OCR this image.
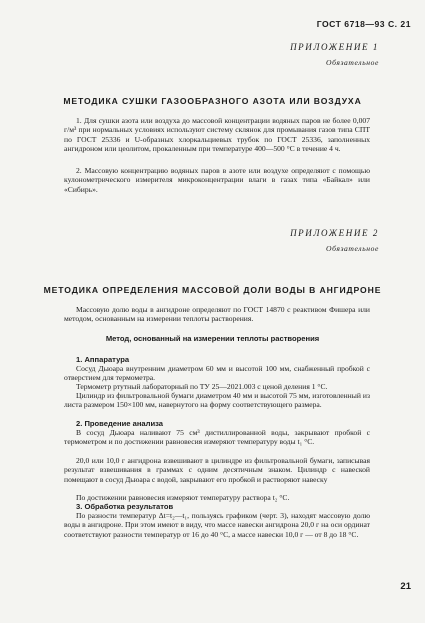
ГОСТ 6718—93 С. 21
ПРИЛОЖЕНИЕ 1
Обязательное
МЕТОДИКА СУШКИ ГАЗООБРАЗНОГО АЗОТА ИЛИ ВОЗДУХА
1. Для сушки азота или воздуха до массовой концентрации водяных паров не более 0,007 г/м³ при нормальных условиях используют систему склянок для промывания газов типа СПТ по ГОСТ 25336 и U-образных хлоркальциевых трубок по ГОСТ 25336, заполненных ангидроном или цеолитом, прокаленным при температуре 400—500 °С в течение 4 ч.
2. Массовую концентрацию водяных паров в азоте или воздухе определяют с помощью кулонометрического измерителя микроконцентрации влаги в газах типа «Байкал» или «Сибирь».
ПРИЛОЖЕНИЕ 2
Обязательное
МЕТОДИКА ОПРЕДЕЛЕНИЯ МАССОВОЙ ДОЛИ ВОДЫ В АНГИДРОНЕ
Массовую долю воды в ангидроне определяют по ГОСТ 14870 с реактивом Фишера или методом, основанным на измерении теплоты растворения.
Метод, основанный на измерении теплоты растворения
1. Аппаратура
Сосуд Дьюара внутренним диаметром 60 мм и высотой 100 мм, снабженный пробкой с отверстием для термометра.
Термометр ртутный лабораторный по ТУ 25—2021.003 с ценой деления 1 °С.
Цилиндр из фильтровальной бумаги диаметром 40 мм и высотой 75 мм, изготовленный из листа размером 150×100 мм, навернутого на форму соответствующего размера.
2. Проведение анализа
В сосуд Дьюара наливают 75 см³ дистиллированной воды, закрывают пробкой с термометром и по достижении равновесия измеряют температуру воды t₁ °С.
20,0 или 10,0 г ангидрона взвешивают в цилиндре из фильтровальной бумаги, записывая результат взвешивания в граммах с одним десятичным знаком. Цилиндр с навеской помещают в сосуд Дьюара с водой, закрывают его пробкой и растворяют навеску
По достижении равновесия измеряют температуру раствора t₂ °С.
3. Обработка результатов
По разности температур Δt=t₂—t₁, пользуясь графиком (черт. 3), находят массовую долю воды в ангидроне. При этом имеют в виду, что массе навески ангидрона 20,0 г на оси ординат соответствуют разности температур от 16 до 40 °С, а массе навески 10,0 г — от 8 до 18 °С.
21
